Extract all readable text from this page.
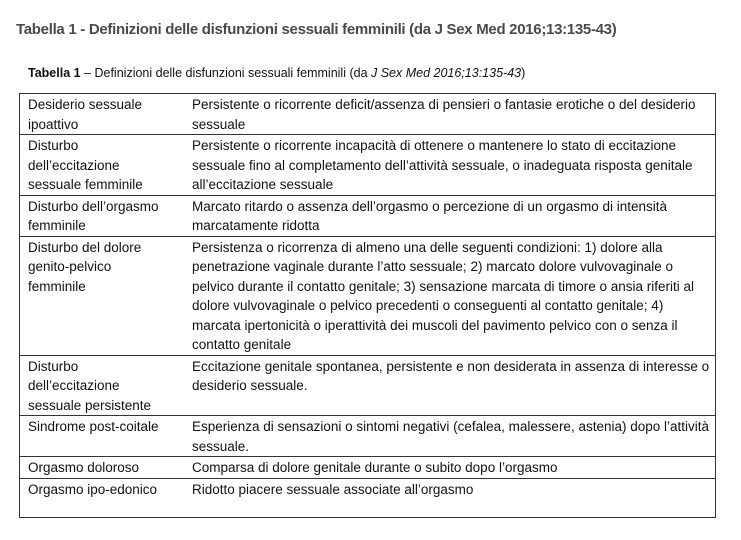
Tabella 1 - Definizioni delle disfunzioni sessuali femminili (da J Sex Med 2016;13:135-43)
Tabella 1 – Definizioni delle disfunzioni sessuali femminili (da J Sex Med 2016;13:135-43)
Desiderio sessuale ipoattivo	Persistente o ricorrente deficit/assenza di pensieri o fantasie erotiche o del desiderio sessuale
Disturbo dell’eccitazione sessuale femminile	Persistente o ricorrente incapacità di ottenere o mantenere lo stato di eccitazione sessuale fino al completamento dell’attività sessuale, o inadeguata risposta genitale all’eccitazione sessuale
Disturbo dell’orgasmo femminile	Marcato ritardo o assenza dell’orgasmo o percezione di un orgasmo di intensità marcatamente ridotta
Disturbo del dolore genito-pelvico femminile	Persistenza o ricorrenza di almeno una delle seguenti condizioni: 1) dolore alla penetrazione vaginale durante l’atto sessuale; 2) marcato dolore vulvovaginale o pelvico durante il contatto genitale; 3) sensazione marcata di timore o ansia riferiti al dolore vulvovaginale o pelvico precedenti o conseguenti al contatto genitale; 4) marcata ipertonicità o iperattività dei muscoli del pavimento pelvico con o senza il contatto genitale
Disturbo dell’eccitazione sessuale persistente	Eccitazione genitale spontanea, persistente e non desiderata in assenza di interesse o desiderio sessuale.
Sindrome post-coitale	Esperienza di sensazioni o sintomi negativi (cefalea, malessere, astenia) dopo l’attività sessuale.
Orgasmo doloroso	Comparsa di dolore genitale durante o subito dopo l’orgasmo
Orgasmo ipo-edonico	Ridotto piacere sessuale associate all’orgasmo
